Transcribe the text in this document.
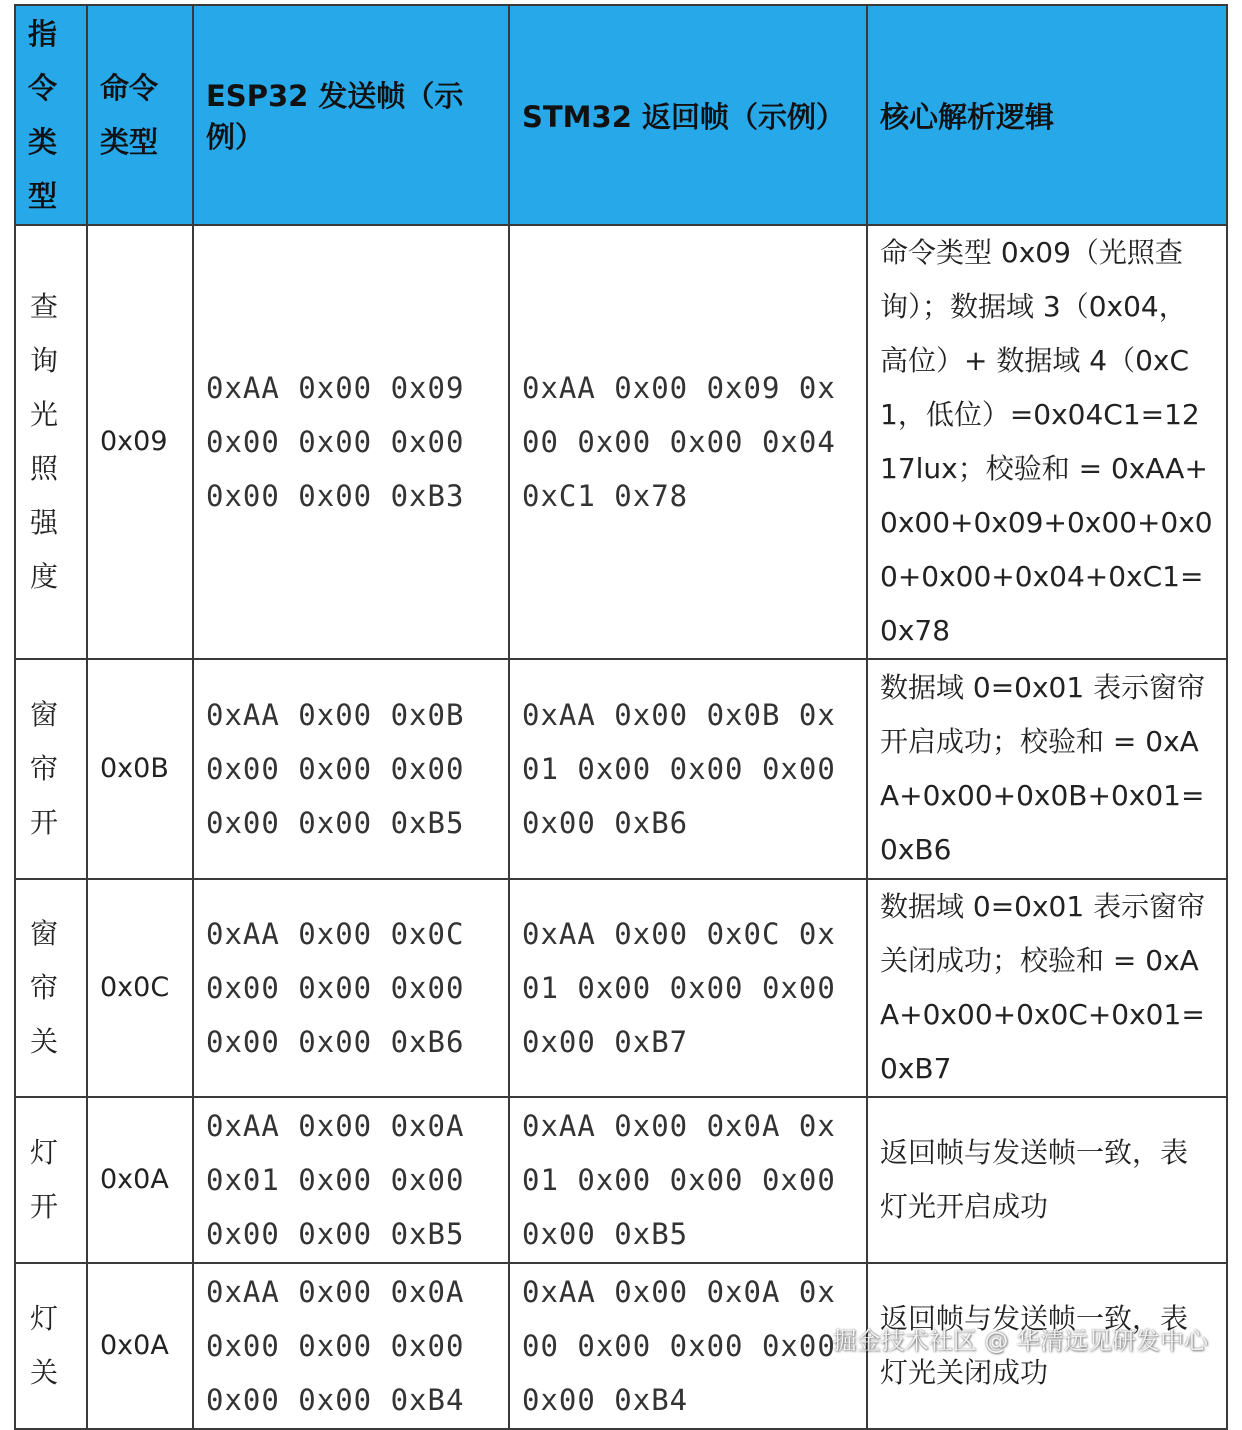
指令类型	命令类型	ESP32 发送帧（示例）	STM32 返回帧（示例）	核心解析逻辑
查询光照强度	0x09	0xAA 0x00 0x09 0x00 0x00 0x00 0x00 0x00 0xB3	0xAA 0x00 0x09 0x00 0x00 0x00 0x04 0xC1 0x78	命令类型 0x09（光照查询）；数据域 3（0x04，高位）+ 数据域 4（0xC1，低位）=0x04C1=1217lux；校验和 = 0xAA+0x00+0x09+0x00+0x00+0x00+0x04+0xC1=0x78
窗帘开	0x0B	0xAA 0x00 0x0B 0x00 0x00 0x00 0x00 0x00 0xB5	0xAA 0x00 0x0B 0x01 0x00 0x00 0x00 0x00 0xB6	数据域 0=0x01 表示窗帘开启成功；校验和 = 0xAA+0x00+0x0B+0x01=0xB6
窗帘关	0x0C	0xAA 0x00 0x0C 0x00 0x00 0x00 0x00 0x00 0xB6	0xAA 0x00 0x0C 0x01 0x00 0x00 0x00 0x00 0xB7	数据域 0=0x01 表示窗帘关闭成功；校验和 = 0xAA+0x00+0x0C+0x01=0xB7
灯开	0x0A	0xAA 0x00 0x0A 0x01 0x00 0x00 0x00 0x00 0xB5	0xAA 0x00 0x0A 0x01 0x00 0x00 0x00 0x00 0xB5	返回帧与发送帧一致，表灯光开启成功
灯关	0x0A	0xAA 0x00 0x0A 0x00 0x00 0x00 0x00 0x00 0xB4	0xAA 0x00 0x0A 0x00 0x00 0x00 0x00 0x00 0xB4	返回帧与发送帧一致，表灯光关闭成功
掘金技术社区 @ 华清远见研发中心
